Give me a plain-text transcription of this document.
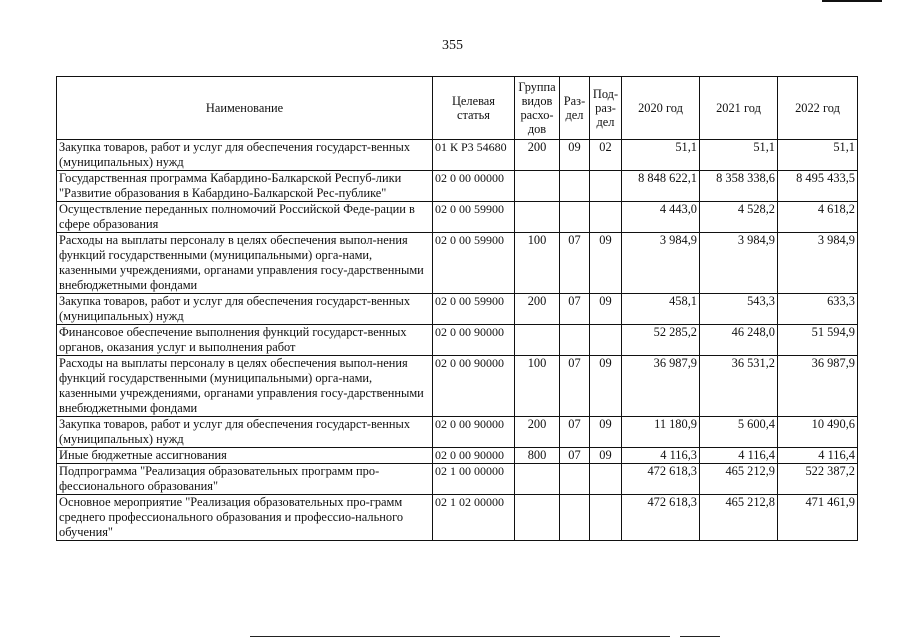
355
Наименование	Целевая статья	Группа видов расхо-дов	Раз-дел	Под-раз-дел	2020 год	2021 год	2022 год
Закупка товаров, работ и услуг для обеспечения государст-венных (муниципальных) нужд	01 К Р3 54680	200	09	02	51,1	51,1	51,1
Государственная программа Кабардино-Балкарской Респуб-лики "Развитие образования в Кабардино-Балкарской Рес-публике"	02 0 00 00000				8 848 622,1	8 358 338,6	8 495 433,5
Осуществление переданных полномочий Российской Феде-рации в сфере образования	02 0 00 59900				4 443,0	4 528,2	4 618,2
Расходы на выплаты персоналу в целях обеспечения выпол-нения функций государственными (муниципальными) орга-нами, казенными учреждениями, органами управления госу-дарственными внебюджетными фондами	02 0 00 59900	100	07	09	3 984,9	3 984,9	3 984,9
Закупка товаров, работ и услуг для обеспечения государст-венных (муниципальных) нужд	02 0 00 59900	200	07	09	458,1	543,3	633,3
Финансовое обеспечение выполнения функций государст-венных органов, оказания услуг и выполнения работ	02 0 00 90000				52 285,2	46 248,0	51 594,9
Расходы на выплаты персоналу в целях обеспечения выпол-нения функций государственными (муниципальными) орга-нами, казенными учреждениями, органами управления госу-дарственными внебюджетными фондами	02 0 00 90000	100	07	09	36 987,9	36 531,2	36 987,9
Закупка товаров, работ и услуг для обеспечения государст-венных (муниципальных) нужд	02 0 00 90000	200	07	09	11 180,9	5 600,4	10 490,6
Иные бюджетные ассигнования	02 0 00 90000	800	07	09	4 116,3	4 116,4	4 116,4
Подпрограмма "Реализация образовательных программ про-фессионального образования"	02 1 00 00000				472 618,3	465 212,9	522 387,2
Основное мероприятие "Реализация образовательных про-грамм среднего профессионального образования и профессио-нального обучения"	02 1 02 00000				472 618,3	465 212,8	471 461,9
